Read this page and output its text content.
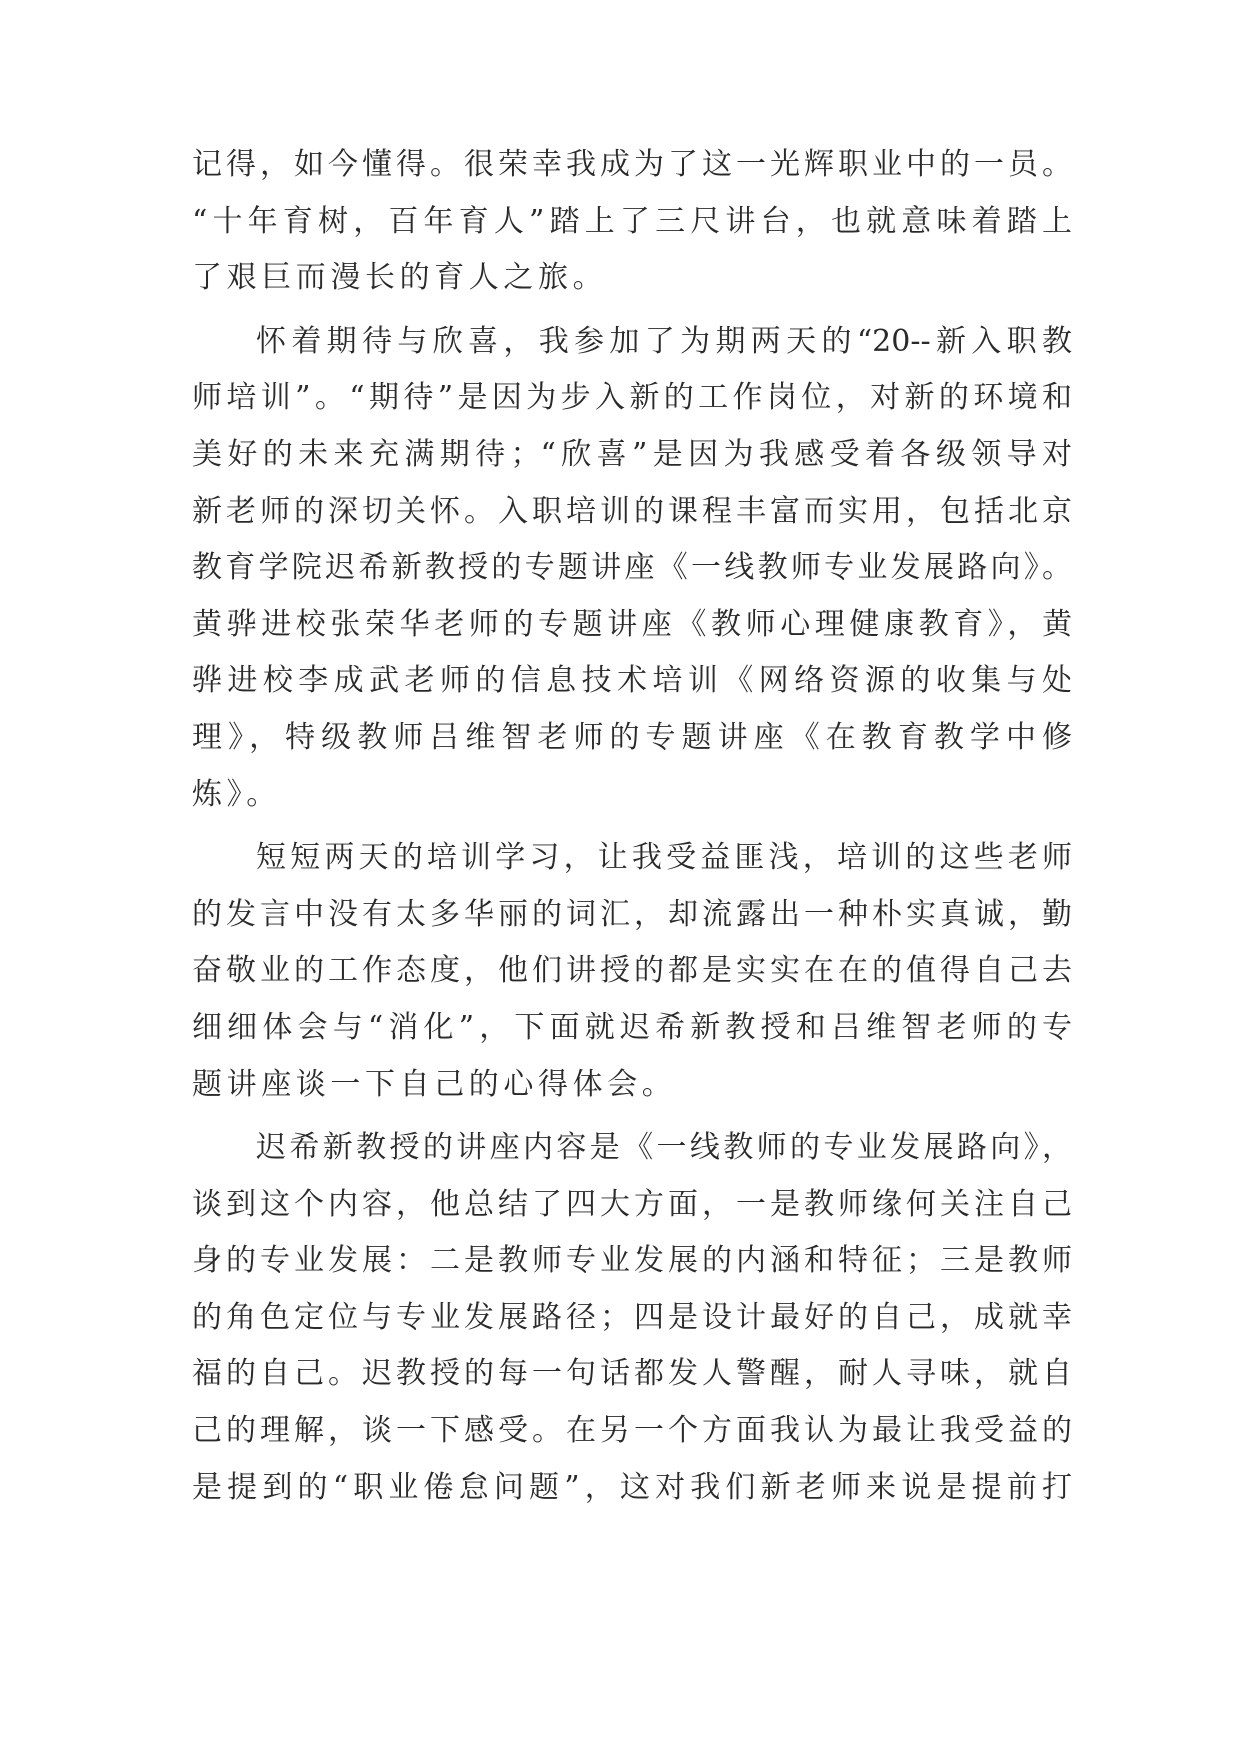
记得，如今懂得。很荣幸我成为了这一光辉职业中的一员。
“十年育树，百年育人”踏上了三尺讲台，也就意味着踏上
了艰巨而漫长的育人之旅。
怀着期待与欣喜，我参加了为期两天的“20--新入职教
师培训”。“期待”是因为步入新的工作岗位，对新的环境和
美好的未来充满期待；“欣喜”是因为我感受着各级领导对
新老师的深切关怀。入职培训的课程丰富而实用，包括北京
教育学院迟希新教授的专题讲座《一线教师专业发展路向》。
黄骅进校张荣华老师的专题讲座《教师心理健康教育》，黄
骅进校李成武老师的信息技术培训《网络资源的收集与处
理》，特级教师吕维智老师的专题讲座《在教育教学中修
炼》。
短短两天的培训学习，让我受益匪浅，培训的这些老师
的发言中没有太多华丽的词汇，却流露出一种朴实真诚，勤
奋敬业的工作态度，他们讲授的都是实实在在的值得自己去
细细体会与“消化”，下面就迟希新教授和吕维智老师的专
题讲座谈一下自己的心得体会。
迟希新教授的讲座内容是《一线教师的专业发展路向》，
谈到这个内容，他总结了四大方面，一是教师缘何关注自己
身的专业发展：二是教师专业发展的内涵和特征；三是教师
的角色定位与专业发展路径；四是设计最好的自己，成就幸
福的自己。迟教授的每一句话都发人警醒，耐人寻味，就自
己的理解，谈一下感受。在另一个方面我认为最让我受益的
是提到的“职业倦怠问题”，这对我们新老师来说是提前打
